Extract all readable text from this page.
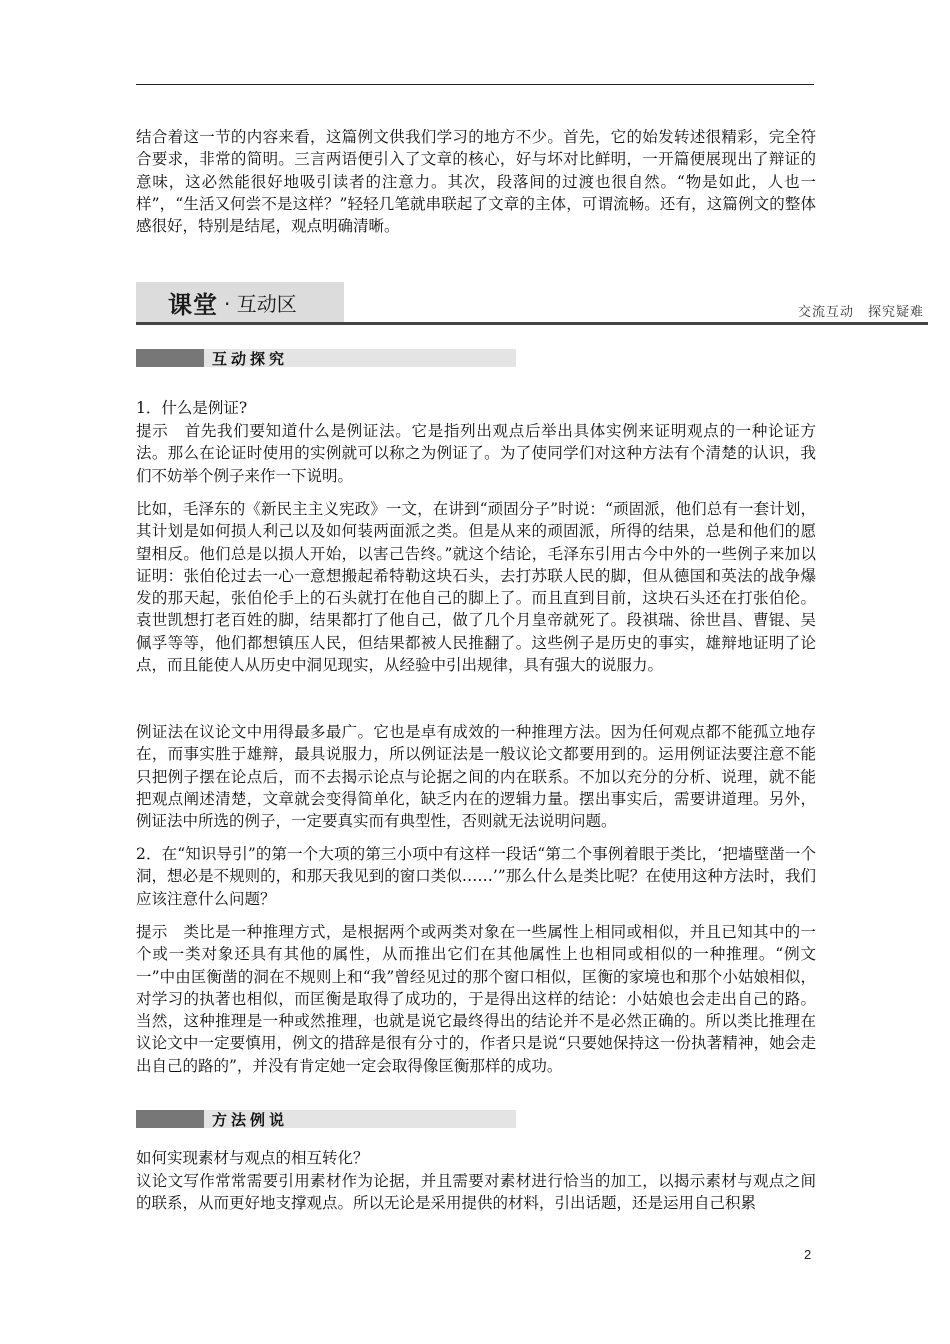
结合着这一节的内容来看，这篇例文供我们学习的地方不少。首先，它的始发转述很精彩，完全符合要求，非常的简明。三言两语便引入了文章的核心，好与坏对比鲜明，一开篇便展现出了辩证的意味，这必然能很好地吸引读者的注意力。其次，段落间的过渡也很自然。“物是如此，人也一样”，“生活又何尝不是这样？”轻轻几笔就串联起了文章的主体，可谓流畅。还有，这篇例文的整体感很好，特别是结尾，观点明确清晰。

课堂 · 互动区	交流互动　探究疑难
互动探究

1．什么是例证?

提示　首先我们要知道什么是例证法。它是指列出观点后举出具体实例来证明观点的一种论证方法。那么在论证时使用的实例就可以称之为例证了。为了使同学们对这种方法有个清楚的认识，我们不妨举个例子来作一下说明。

比如，毛泽东的《新民主主义宪政》一文，在讲到“顽固分子”时说：“顽固派，他们总有一套计划，其计划是如何损人利己以及如何装两面派之类。但是从来的顽固派，所得的结果，总是和他们的愿望相反。他们总是以损人开始，以害己告终。”就这个结论，毛泽东引用古今中外的一些例子来加以证明：张伯伦过去一心一意想搬起希特勒这块石头，去打苏联人民的脚，但从德国和英法的战争爆发的那天起，张伯伦手上的石头就打在他自己的脚上了。而且直到目前，这块石头还在打张伯伦。袁世凯想打老百姓的脚，结果都打了他自己，做了几个月皇帝就死了。段祺瑞、徐世昌、曹锟、吴佩孚等等，他们都想镇压人民，但结果都被人民推翻了。这些例子是历史的事实，雄辩地证明了论点，而且能使人从历史中洞见现实，从经验中引出规律，具有强大的说服力。

例证法在议论文中用得最多最广。它也是卓有成效的一种推理方法。因为任何观点都不能孤立地存在，而事实胜于雄辩，最具说服力，所以例证法是一般议论文都要用到的。运用例证法要注意不能只把例子摆在论点后，而不去揭示论点与论据之间的内在联系。不加以充分的分析、说理，就不能把观点阐述清楚，文章就会变得简单化，缺乏内在的逻辑力量。摆出事实后，需要讲道理。另外，例证法中所选的例子，一定要真实而有典型性，否则就无法说明问题。

2．在“知识导引”的第一个大项的第三小项中有这样一段话“第二个事例着眼于类比，‘把墙壁凿一个洞，想必是不规则的，和那天我见到的窗口类似……’”那么什么是类比呢？在使用这种方法时，我们应该注意什么问题？

提示　类比是一种推理方式，是根据两个或两类对象在一些属性上相同或相似，并且已知其中的一个或一类对象还具有其他的属性，从而推出它们在其他属性上也相同或相似的一种推理。“例文一”中由匡衡凿的洞在不规则上和“我”曾经见过的那个窗口相似，匡衡的家境也和那个小姑娘相似，对学习的执著也相似，而匡衡是取得了成功的，于是得出这样的结论：小姑娘也会走出自己的路。当然，这种推理是一种或然推理，也就是说它最终得出的结论并不是必然正确的。所以类比推理在议论文中一定要慎用，例文的措辞是很有分寸的，作者只是说“只要她保持这一份执著精神，她会走出自己的路的”，并没有肯定她一定会取得像匡衡那样的成功。

方法例说

如何实现素材与观点的相互转化？

议论文写作常常需要引用素材作为论据，并且需要对素材进行恰当的加工，以揭示素材与观点之间的联系，从而更好地支撑观点。所以无论是采用提供的材料，引出话题，还是运用自己积累

2
